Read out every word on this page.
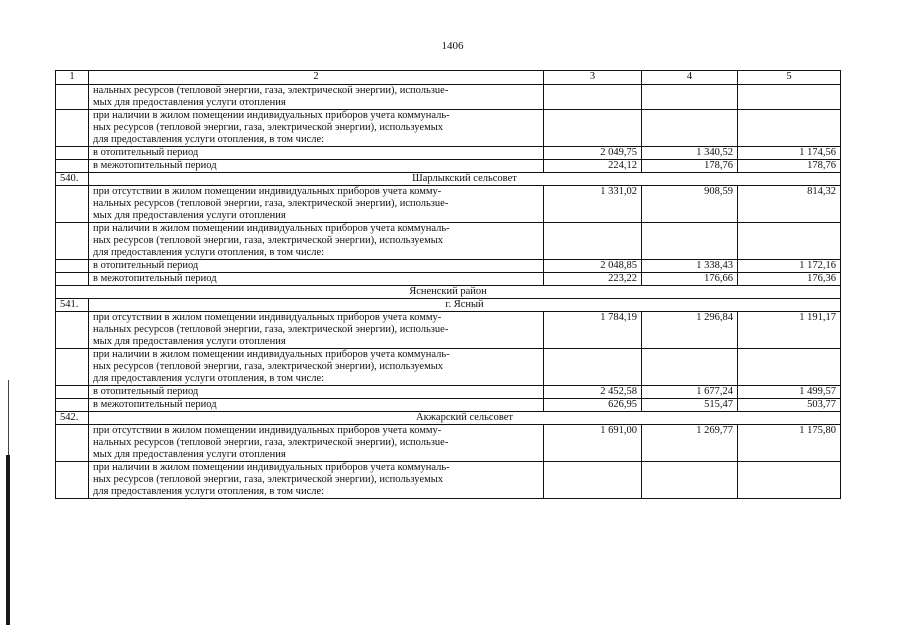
1406
1	2	3	4	5

	нальных ресурсов (тепловой энергии, газа, электрической энергии), использue-
мых для предоставления услуги отопления			

	при наличии в жилом помещении индивидуальных приборов учета коммуналь-
ных ресурсов (тепловой энергии, газа, электрической энергии), используемых
для предоставления услуги отопления, в том числе:			

	в отопительный период	2 049,75	1 340,52	1 174,56

	в межотопительный период	224,12	178,76	178,76
540.	Шарлыкский сельсовет			

	при отсутствии в жилом помещении индивидуальных приборов учета комму-
нальных ресурсов (тепловой энергии, газа, электрической энергии), использue-
мых для предоставления услуги отопления	1 331,02	908,59	814,32

	при наличии в жилом помещении индивидуальных приборов учета коммуналь-
ных ресурсов (тепловой энергии, газа, электрической энергии), используемых
для предоставления услуги отопления, в том числе:			

	в отопительный период	2 048,85	1 338,43	1 172,16

	в межотопительный период	223,22	176,66	176,36
Ясненский район				
541.	г. Ясный			

	при отсутствии в жилом помещении индивидуальных приборов учета комму-
нальных ресурсов (тепловой энергии, газа, электрической энергии), использue-
мых для предоставления услуги отопления	1 784,19	1 296,84	1 191,17

	при наличии в жилом помещении индивидуальных приборов учета коммуналь-
ных ресурсов (тепловой энергии, газа, электрической энергии), используемых
для предоставления услуги отопления, в том числе:			

	в отопительный период	2 452,58	1 677,24	1 499,57

	в межотопительный период	626,95	515,47	503,77
542.	Акжарский сельсовет			

	при отсутствии в жилом помещении индивидуальных приборов учета комму-
нальных ресурсов (тепловой энергии, газа, электрической энергии), использue-
мых для предоставления услуги отопления	1 691,00	1 269,77	1 175,80

	при наличии в жилом помещении индивидуальных приборов учета коммуналь-
ных ресурсов (тепловой энергии, газа, электрической энергии), используемых
для предоставления услуги отопления, в том числе:			
